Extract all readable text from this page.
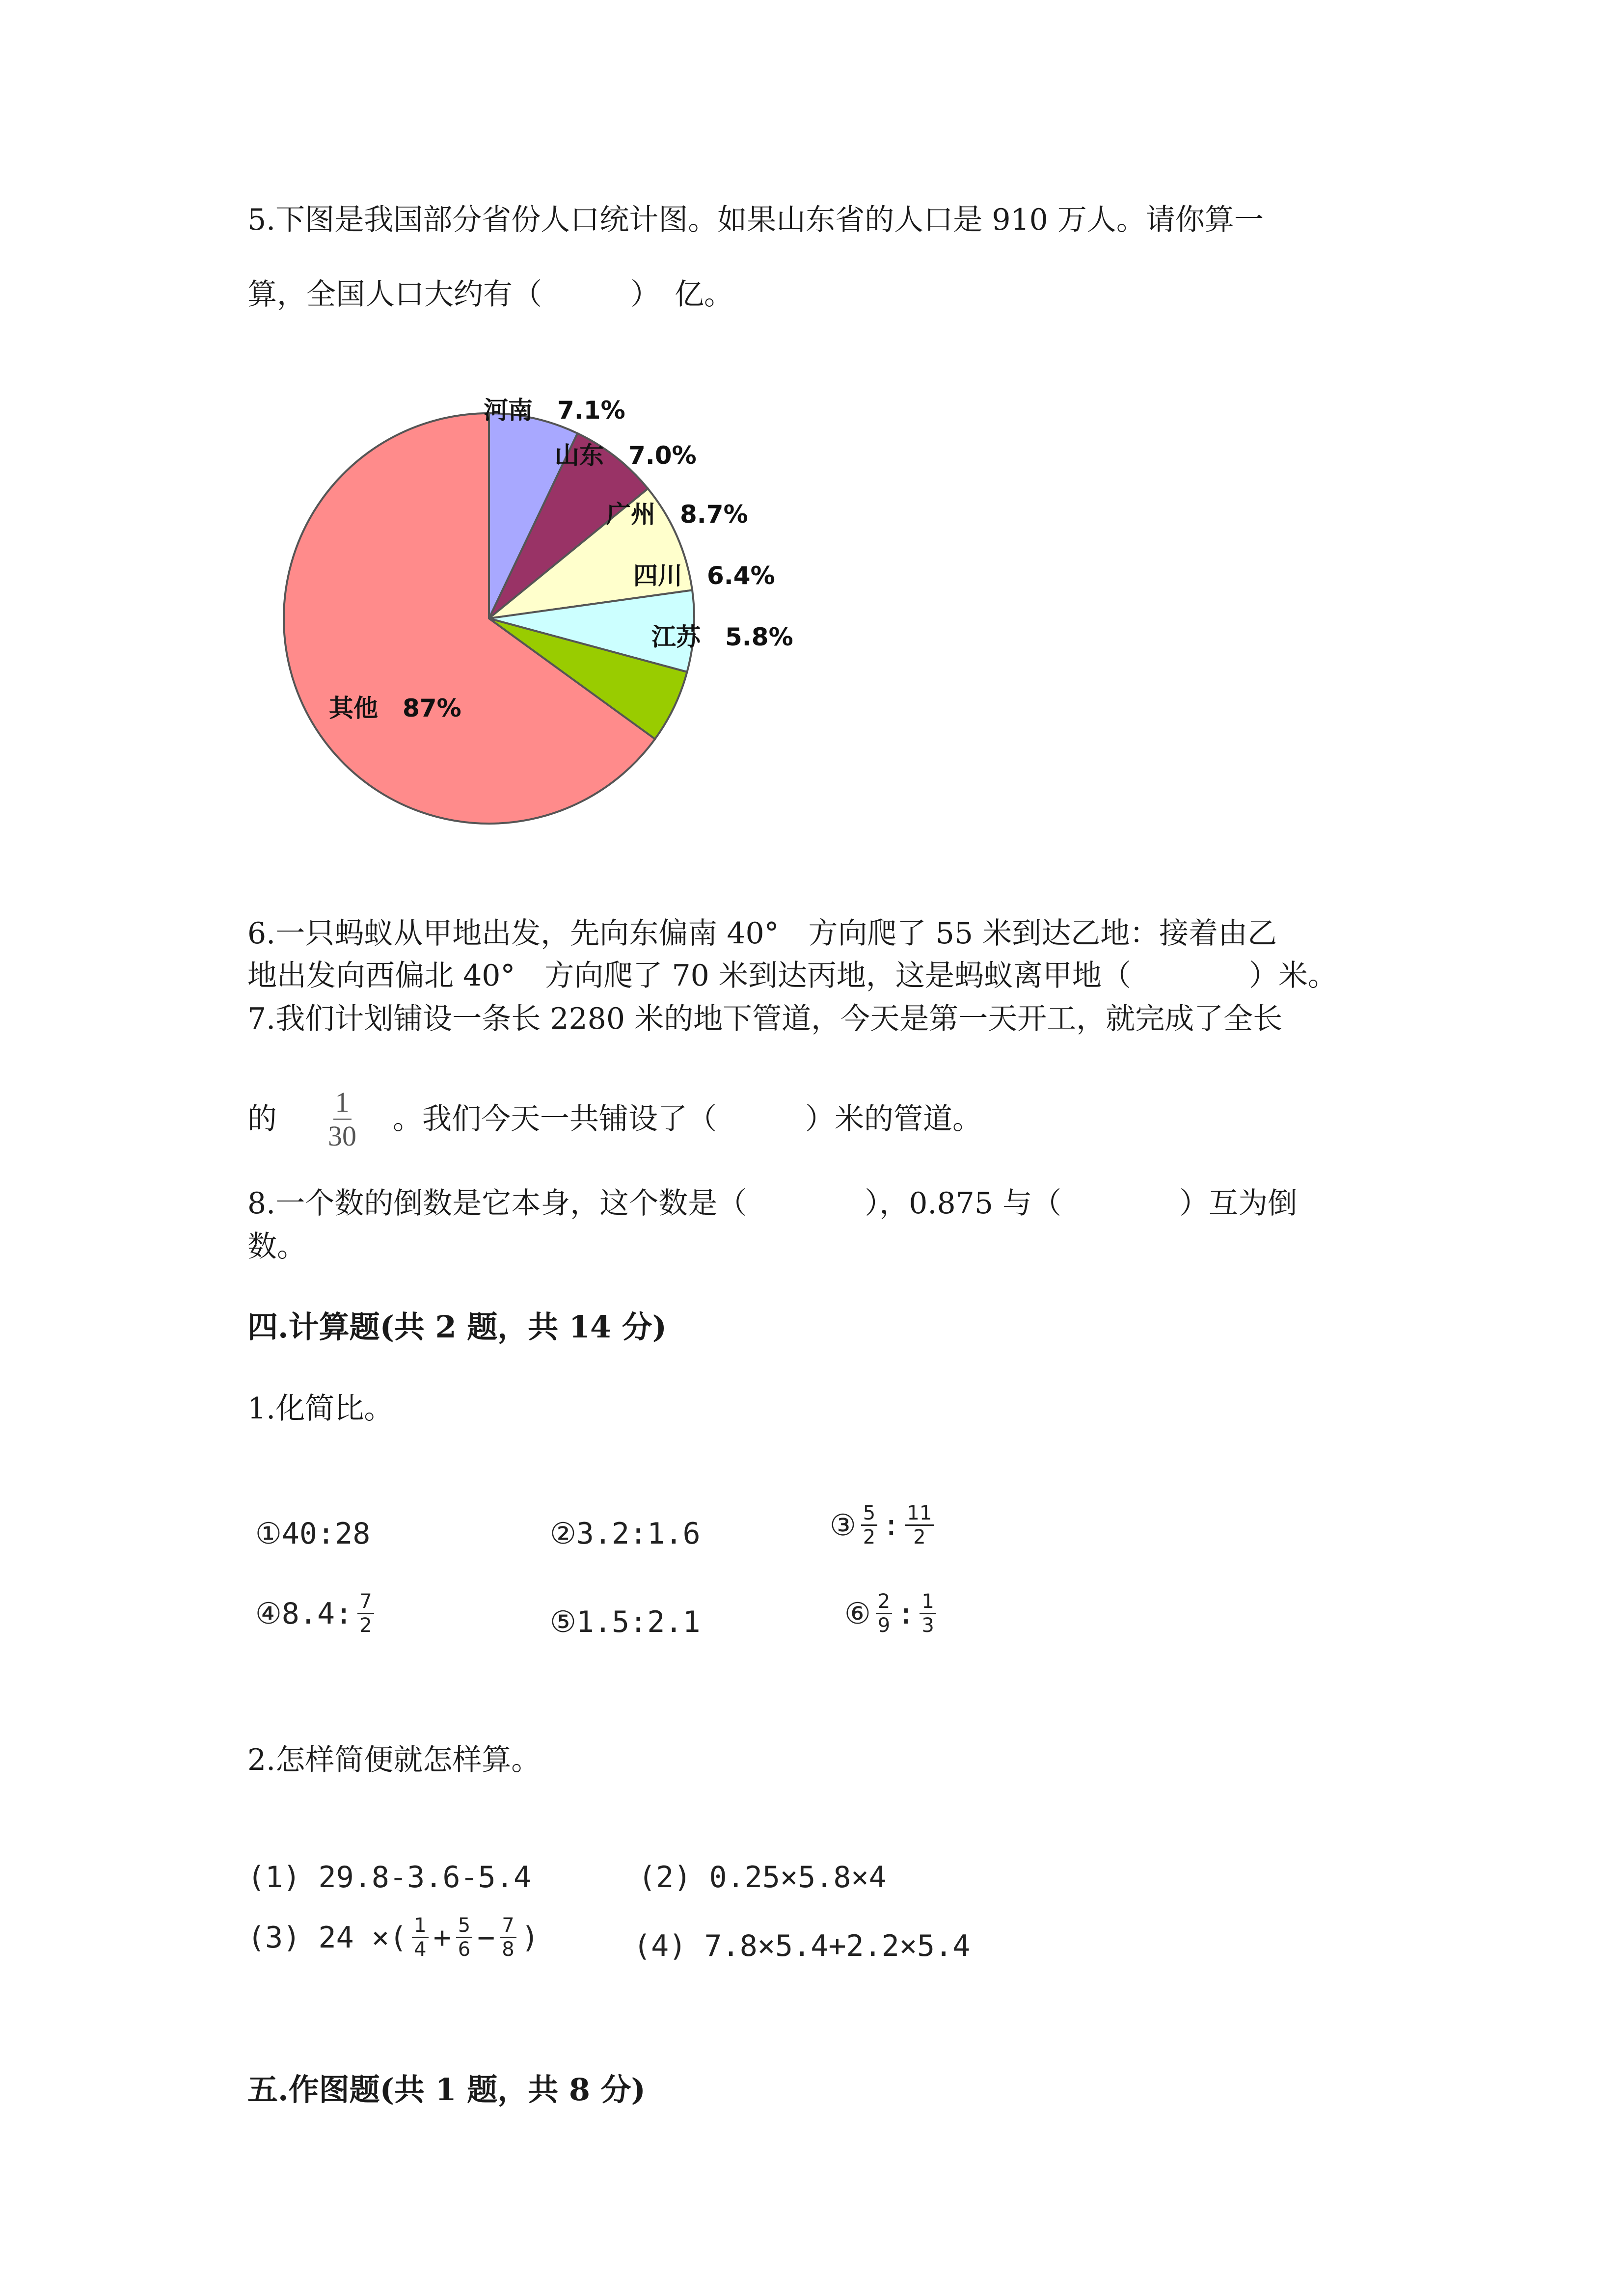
5.下图是我国部分省份人口统计图。如果山东省的人口是 910 万人。请你算一
算，全国人口大约有（　　　）　亿。
河南  7.1%
山东  7.0%
广州  8.7%
四川  6.4%
江苏  5.8%
其他  87%
6.一只蚂蚁从甲地出发，先向东偏南 40°　方向爬了 55 米到达乙地：接着由乙
地出发向西偏北 40°　方向爬了 70 米到达丙地，这是蚂蚁离甲地（　　　　）米。
7.我们计划铺设一条长 2280 米的地下管道，今天是第一天开工，就完成了全长
的 $\frac{1}{30}$ 。我们今天一共铺设了（　　　）米的管道。
8.一个数的倒数是它本身，这个数是（　　　　），0.875 与（　　　　）互为倒
数。
四.计算题(共 2 题，共 14 分)
1.化简比。
①40:28	②3.2:1.6	③ $\frac{5}{2}$ : $\frac{11}{2}$
④8.4: $\frac{7}{2}$	⑤1.5:2.1	⑥ $\frac{2}{9}$ : $\frac{1}{3}$
2.怎样简便就怎样算。
(1) 29.8-3.6-5.4	(2) 0.25×5.8×4
(3) 24 ×( $\frac{1}{4} + \frac{5}{6} - \frac{7}{8}$ )	(4) 7.8×5.4+2.2×5.4
五.作图题(共 1 题，共 8 分)
